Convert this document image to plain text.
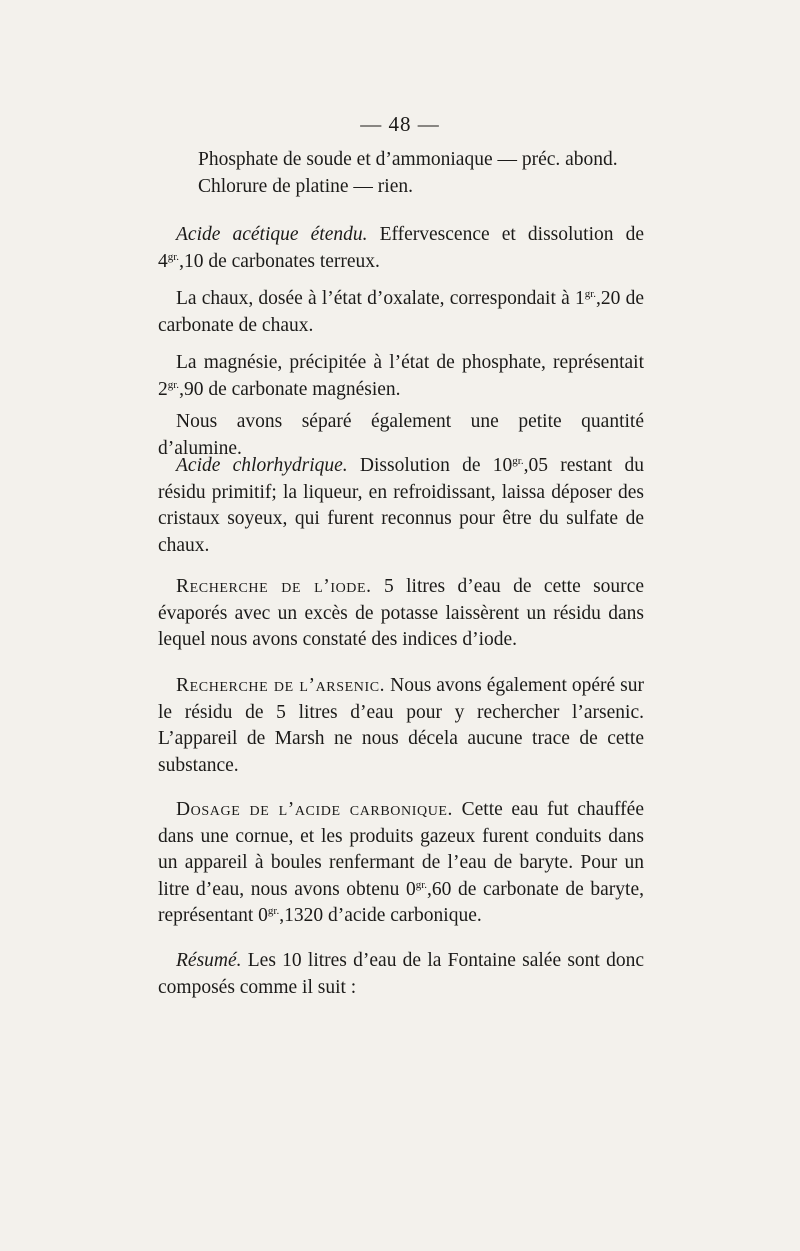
— 48 —

Phosphate de soude et d’ammoniaque — préc. abond.

Chlorure de platine — rien.

Acide acétique étendu. Effervescence et dissolution de $4^{gr.},10$ de carbonates terreux.

La chaux, dosée à l’état d’oxalate, correspondait à $1^{gr.},20$ de carbonate de chaux.

La magnésie, précipitée à l’état de phosphate, représentait $2^{gr.},90$ de carbonate magnésien.

Nous avons séparé également une petite quantité d’alumine.

Acide chlorhydrique. Dissolution de $10^{gr.},05$ restant du résidu primitif; la liqueur, en refroidissant, laissa déposer des cristaux soyeux, qui furent reconnus pour être du sulfate de chaux.

Recherche de l’iode. 5 litres d’eau de cette source évaporés avec un excès de potasse laissèrent un résidu dans lequel nous avons constaté des indices d’iode.

Recherche de l’arsenic. Nous avons également opéré sur le résidu de 5 litres d’eau pour y rechercher l’arsenic. L’appareil de Marsh ne nous décela aucune trace de cette substance.

Dosage de l’acide carbonique. Cette eau fut chauffée dans une cornue, et les produits gazeux furent conduits dans un appareil à boules renfermant de l’eau de baryte. Pour un litre d’eau, nous avons obtenu $0^{gr.},60$ de carbonate de baryte, représentant $0^{gr.},1320$ d’acide carbonique.

Résumé. Les 10 litres d’eau de la Fontaine salée sont donc composés comme il suit :
